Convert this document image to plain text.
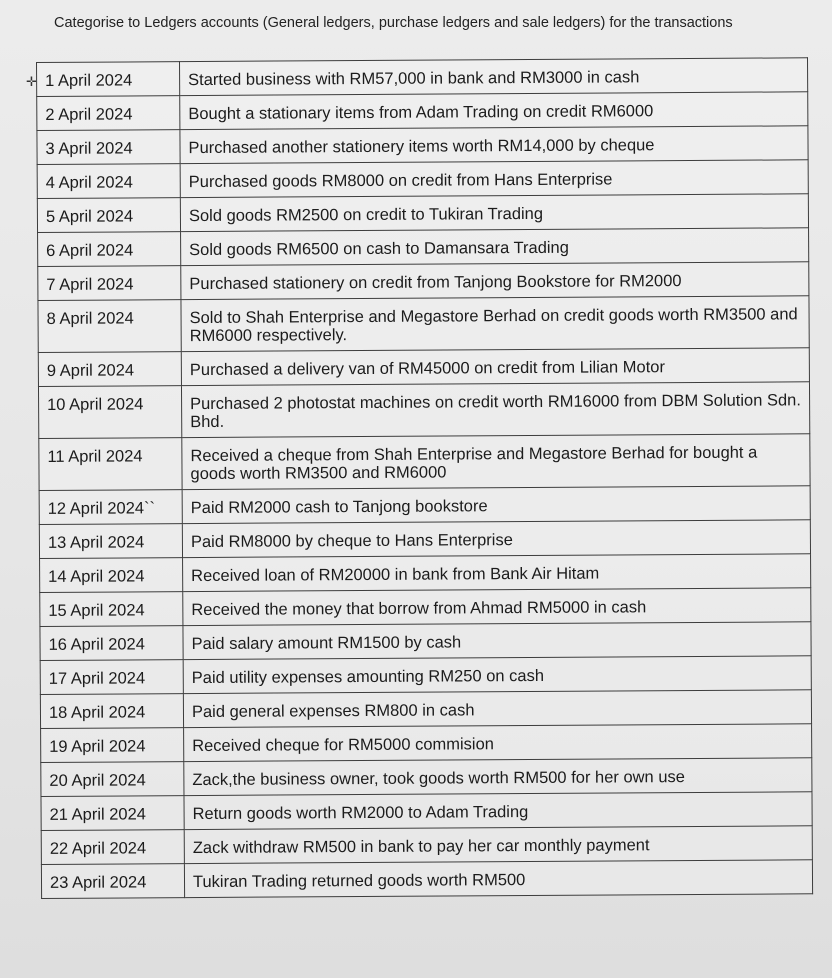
Categorise to Ledgers accounts (General ledgers, purchase ledgers and sale ledgers) for the transactions
✛ 1 April 2024	Started business with RM57,000 in bank and RM3000 in cash
2 April 2024	Bought a stationary items from Adam Trading on credit RM6000
3 April 2024	Purchased another stationery items worth RM14,000 by cheque
4 April 2024	Purchased goods RM8000 on credit from Hans Enterprise
5 April 2024	Sold goods RM2500 on credit to Tukiran Trading
6 April 2024	Sold goods RM6500 on cash to Damansara Trading
7 April 2024	Purchased stationery on credit from Tanjong Bookstore for RM2000
8 April 2024	Sold to Shah Enterprise and Megastore Berhad on credit goods worth RM3500 and RM6000 respectively.
9 April 2024	Purchased a delivery van of RM45000 on credit from Lilian Motor
10 April 2024	Purchased 2 photostat machines on credit worth RM16000 from DBM Solution Sdn. Bhd.
11 April 2024	Received a cheque from Shah Enterprise and Megastore Berhad for bought a goods worth RM3500 and RM6000
12 April 2024``	Paid RM2000 cash to Tanjong bookstore
13 April 2024	Paid RM8000 by cheque to Hans Enterprise
14 April 2024	Received loan of RM20000 in bank from Bank Air Hitam
15 April 2024	Received the money that borrow from Ahmad RM5000 in cash
16 April 2024	Paid salary amount RM1500 by cash
17 April 2024	Paid utility expenses amounting RM250 on cash
18 April 2024	Paid general expenses RM800 in cash
19 April 2024	Received cheque for RM5000 commision
20 April 2024	Zack,the business owner, took goods worth RM500 for her own use
21 April 2024	Return goods worth RM2000 to Adam Trading
22 April 2024	Zack withdraw RM500 in bank to pay her car monthly payment
23 April 2024	Tukiran Trading returned goods worth RM500
